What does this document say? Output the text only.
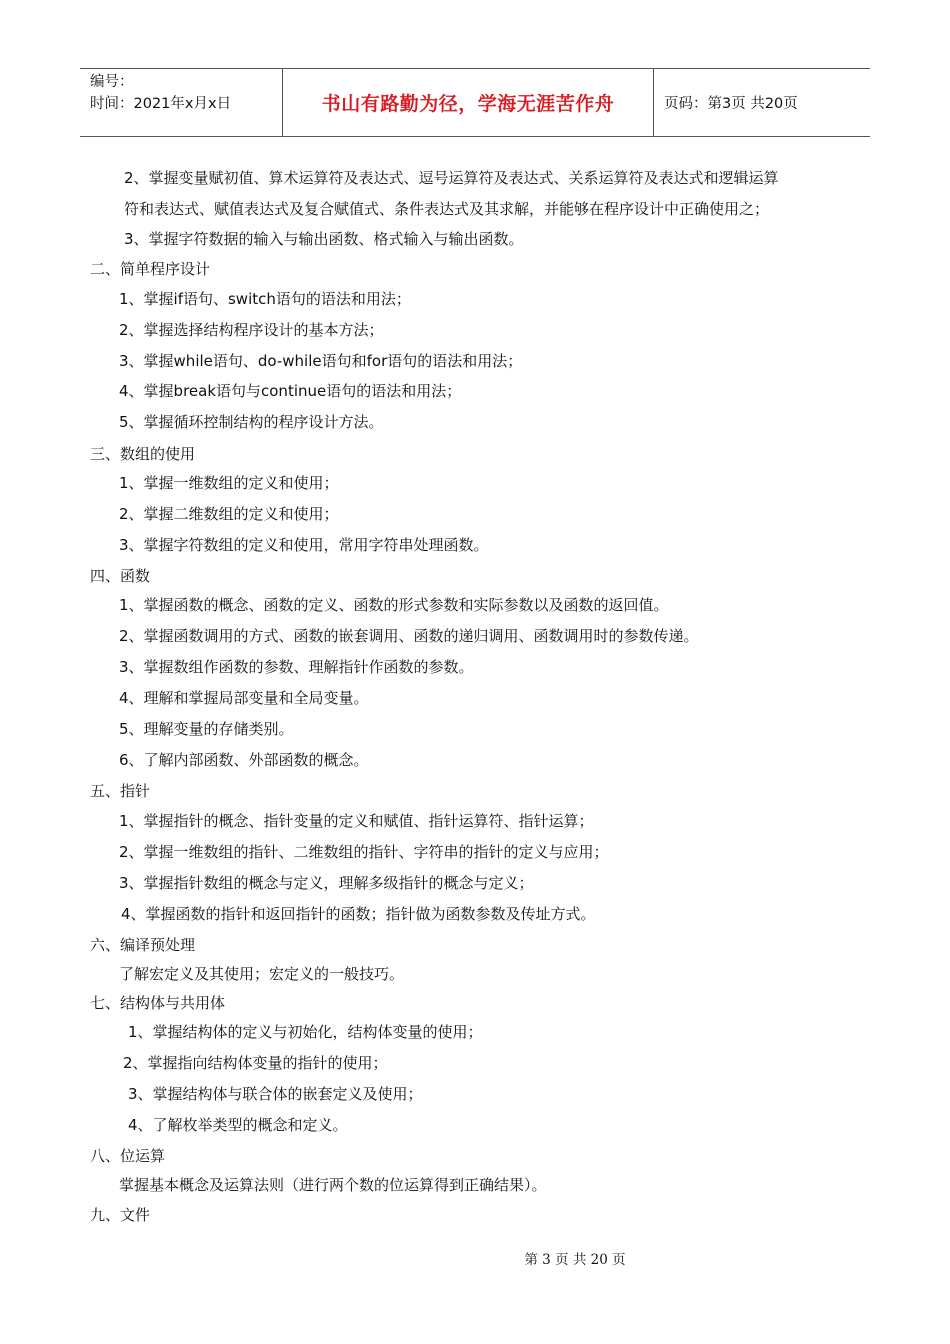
编号：
时间：2021年x月x日	书山有路勤为径，学海无涯苦作舟	页码：第3页 共20页
2、掌握变量赋初值、算术运算符及表达式、逗号运算符及表达式、关系运算符及表达式和逻辑运算
符和表达式、赋值表达式及复合赋值式、条件表达式及其求解，并能够在程序设计中正确使用之；
3、掌握字符数据的输入与输出函数、格式输入与输出函数。
二、简单程序设计
1、掌握if语句、switch语句的语法和用法；
2、掌握选择结构程序设计的基本方法；
3、掌握while语句、do-while语句和for语句的语法和用法；
4、掌握break语句与continue语句的语法和用法；
5、掌握循环控制结构的程序设计方法。
三、数组的使用
1、掌握一维数组的定义和使用；
2、掌握二维数组的定义和使用；
3、掌握字符数组的定义和使用，常用字符串处理函数。
四、函数
1、掌握函数的概念、函数的定义、函数的形式参数和实际参数以及函数的返回值。
2、掌握函数调用的方式、函数的嵌套调用、函数的递归调用、函数调用时的参数传递。
3、掌握数组作函数的参数、理解指针作函数的参数。
4、理解和掌握局部变量和全局变量。
5、理解变量的存储类别。
6、了解内部函数、外部函数的概念。
五、指针
1、掌握指针的概念、指针变量的定义和赋值、指针运算符、指针运算；
2、掌握一维数组的指针、二维数组的指针、字符串的指针的定义与应用；
3、掌握指针数组的概念与定义，理解多级指针的概念与定义；
4、掌握函数的指针和返回指针的函数；指针做为函数参数及传址方式。
六、编译预处理
了解宏定义及其使用；宏定义的一般技巧。
七、结构体与共用体
1、掌握结构体的定义与初始化，结构体变量的使用；
2、掌握指向结构体变量的指针的使用；
3、掌握结构体与联合体的嵌套定义及使用；
4、了解枚举类型的概念和定义。
八、位运算
掌握基本概念及运算法则（进行两个数的位运算得到正确结果）。
九、文件
第 3 页 共 20 页
